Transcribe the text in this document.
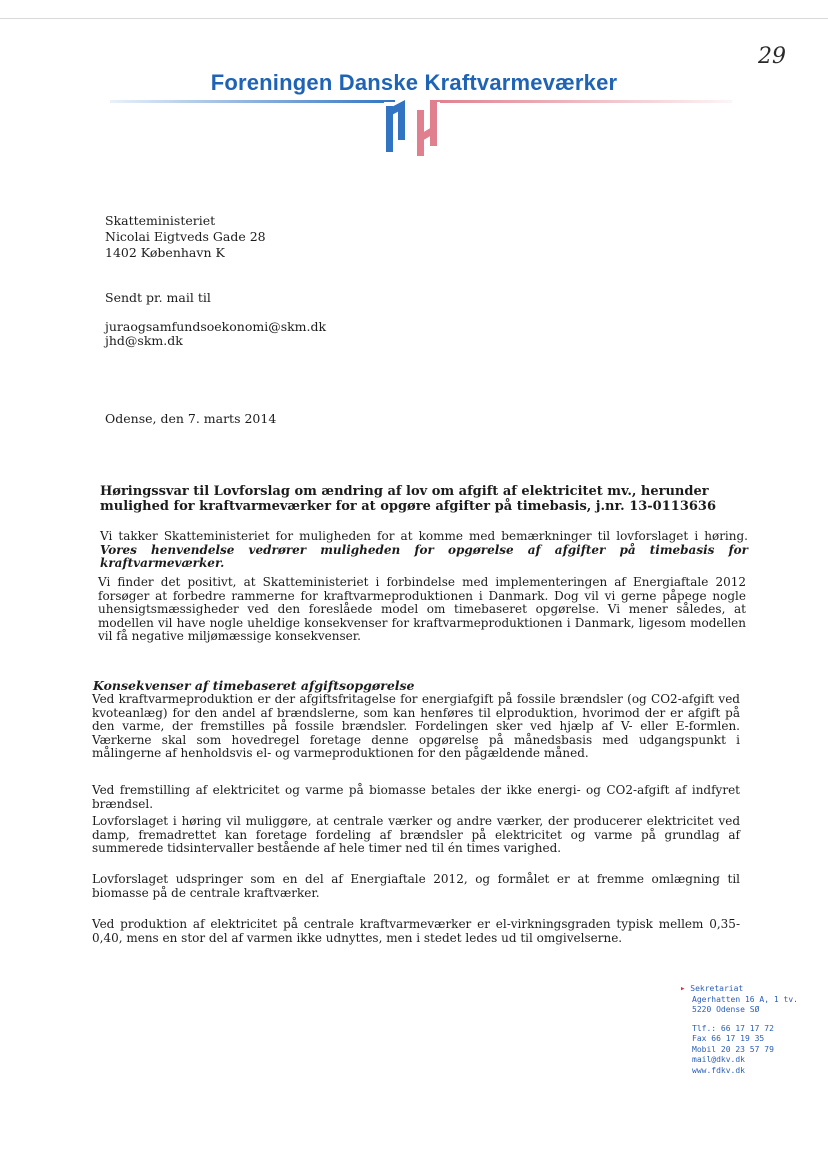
29
Foreningen Danske Kraftvarmeværker
Skatteministeriet
Nicolai Eigtveds Gade 28
1402 København K
Sendt pr. mail til
juraogsamfundsoekonomi@skm.dk
jhd@skm.dk
Odense, den 7. marts 2014
Høringssvar til Lovforslag om ændring af lov om afgift af elektricitet mv., herunder mulighed for kraftvarmeværker for at opgøre afgifter på timebasis, j.nr. 13-0113636

Vi takker Skatteministeriet for muligheden for at komme med bemærkninger til lovforslaget i høring. Vores henvendelse vedrører muligheden for opgørelse af afgifter på timebasis for kraftvarmeværker.

Vi finder det positivt, at Skatteministeriet i forbindelse med implementeringen af Energiaftale 2012 forsøger at forbedre rammerne for kraftvarmeproduktionen i Danmark. Dog vil vi gerne påpege nogle uhensigtsmæssigheder ved den foreslåede model om timebaseret opgørelse. Vi mener således, at modellen vil have nogle uheldige konsekvenser for kraftvarmeproduktionen i Danmark, ligesom modellen vil få negative miljømæssige konsekvenser.

Konsekvenser af timebaseret afgiftsopgørelse

Ved kraftvarmeproduktion er der afgiftsfritagelse for energiafgift på fossile brændsler (og CO2-afgift ved kvoteanlæg) for den andel af brændslerne, som kan henføres til elproduktion, hvorimod der er afgift på den varme, der fremstilles på fossile brændsler. Fordelingen sker ved hjælp af V- eller E-formlen. Værkerne skal som hovedregel foretage denne opgørelse på månedsbasis med udgangspunkt i målingerne af henholdsvis el- og varmeproduktionen for den pågældende måned.

Ved fremstilling af elektricitet og varme på biomasse betales der ikke energi- og CO2-afgift af indfyret brændsel.

Lovforslaget i høring vil muliggøre, at centrale værker og andre værker, der producerer elektricitet ved damp, fremadrettet kan foretage fordeling af brændsler på elektricitet og varme på grundlag af summerede tidsintervaller bestående af hele timer ned til én times varighed.

Lovforslaget udspringer som en del af Energiaftale 2012, og formålet er at fremme omlægning til biomasse på de centrale kraftværker.

Ved produktion af elektricitet på centrale kraftvarmeværker er el-virkningsgraden typisk mellem 0,35-0,40, mens en stor del af varmen ikke udnyttes, men i stedet ledes ud til omgivelserne.

▸ Sekretariat
Agerhatten 16 A, 1 tv.
5220 Odense SØ
Tlf.: 66 17 17 72
Fax 66 17 19 35
Mobil 20 23 57 79
mail@dkv.dk
www.fdkv.dk
